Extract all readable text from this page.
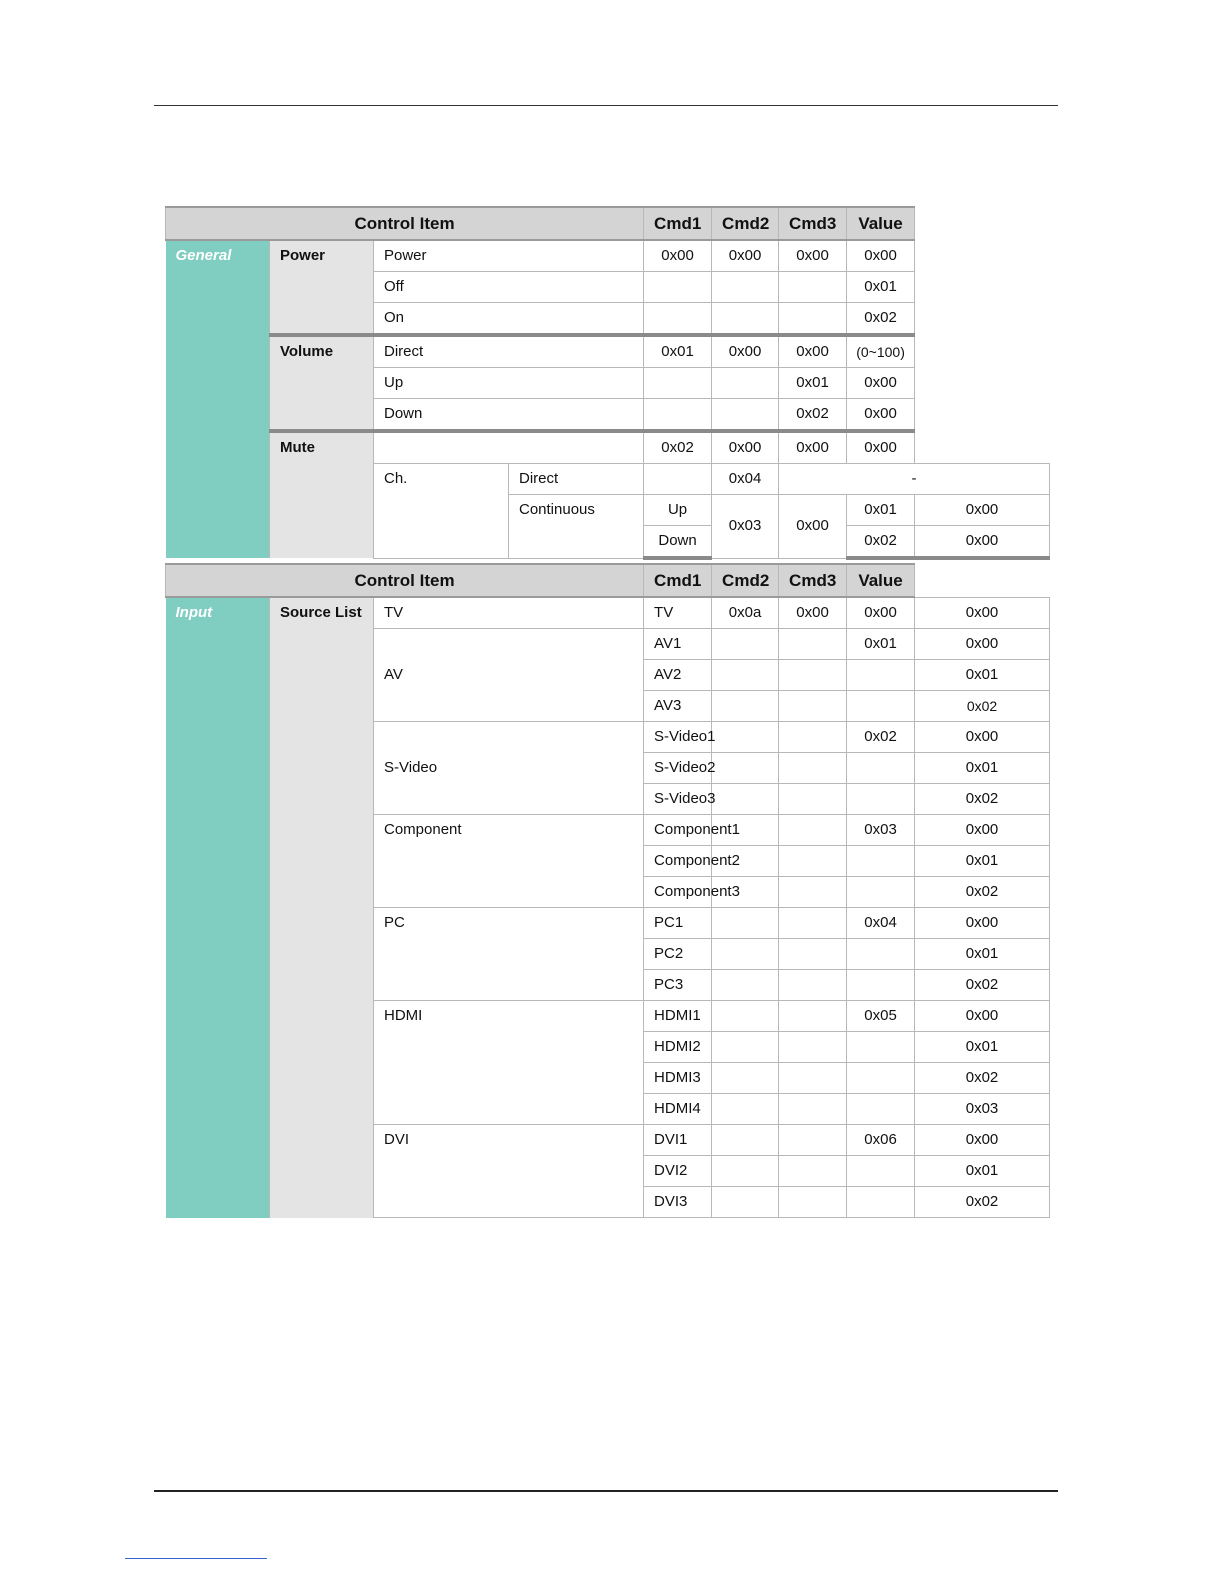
Control Item				Cmd1	Cmd2	Cmd3	Value	
General	Power	Power		0x00	0x00	0x00	0x00	
		Off					0x01	
		On					0x02	
	Volume	Direct		0x01	0x00	0x00	(0~100)	
		Up				0x01	0x00	
		Down				0x02	0x00	
	Mute			0x02	0x00	0x00	0x00	
		Ch.	Direct		0x04	-		
			Continuous	Up	0x03	0x00	0x01	0x00
				Down			0x02	0x00
Control Item			Cmd1	Cmd2	Cmd3	Value	
Input	Source List	TV	TV	0x0a	0x00	0x00	0x00
		AV	AV1			0x01	0x00
			AV2				0x01
			AV3				0x02
		S-Video	S-Video1			0x02	0x00
			S-Video2				0x01
			S-Video3				0x02
		Component	Component1			0x03	0x00
			Component2				0x01
			Component3				0x02
		PC	PC1			0x04	0x00
			PC2				0x01
			PC3				0x02
		HDMI	HDMI1			0x05	0x00
			HDMI2				0x01
			HDMI3				0x02
			HDMI4				0x03
		DVI	DVI1			0x06	0x00
			DVI2				0x01
			DVI3				0x02
